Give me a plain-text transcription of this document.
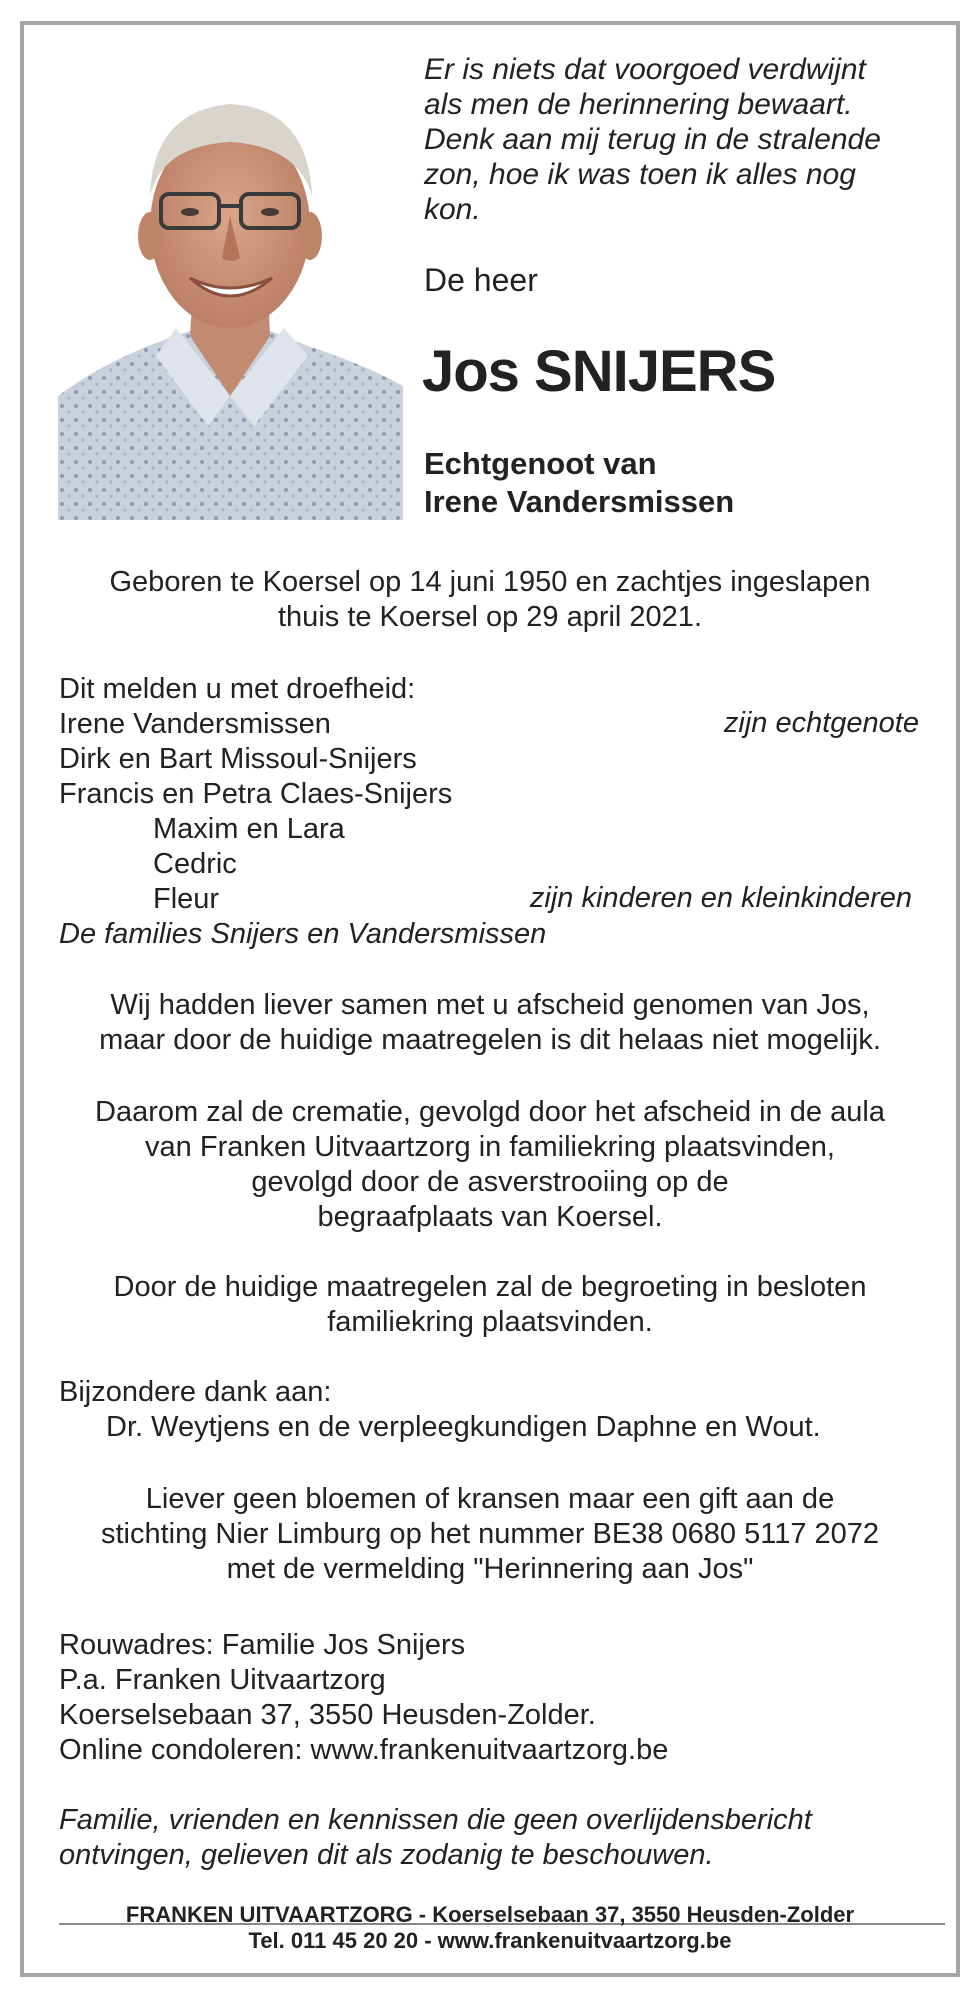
Er is niets dat voorgoed verdwijnt
als men de herinnering bewaart.
Denk aan mij terug in de stralende
zon, hoe ik was toen ik alles nog
kon.
De heer
Jos SNIJERS
Echtgenoot van
Irene Vandersmissen
Geboren te Koersel op 14 juni 1950 en zachtjes ingeslapen
thuis te Koersel op 29 april 2021.
Dit melden u met droefheid:
Irene Vandersmissen	zijn echtgenote
Dirk en Bart Missoul-Snijers
Francis en Petra Claes-Snijers
Maxim en Lara
Cedric
Fleur	zijn kinderen en kleinkinderen
De families Snijers en Vandersmissen
Wij hadden liever samen met u afscheid genomen van Jos,
maar door de huidige maatregelen is dit helaas niet mogelijk.
Daarom zal de crematie, gevolgd door het afscheid in de aula
van Franken Uitvaartzorg in familiekring plaatsvinden,
gevolgd door de asverstrooiing op de
begraafplaats van Koersel.
Door de huidige maatregelen zal de begroeting in besloten
familiekring plaatsvinden.
Bijzondere dank aan:
Dr. Weytjens en de verpleegkundigen Daphne en Wout.
Liever geen bloemen of kransen maar een gift aan de
stichting Nier Limburg op het nummer BE38 0680 5117 2072
met de vermelding "Herinnering aan Jos"
Rouwadres: Familie Jos Snijers
P.a. Franken Uitvaartzorg
Koerselsebaan 37, 3550 Heusden-Zolder.
Online condoleren: www.frankenuitvaartzorg.be
Familie, vrienden en kennissen die geen overlijdensbericht
ontvingen, gelieven dit als zodanig te beschouwen.
FRANKEN UITVAARTZORG - Koerselsebaan 37, 3550 Heusden-Zolder
Tel. 011 45 20 20 - www.frankenuitvaartzorg.be
